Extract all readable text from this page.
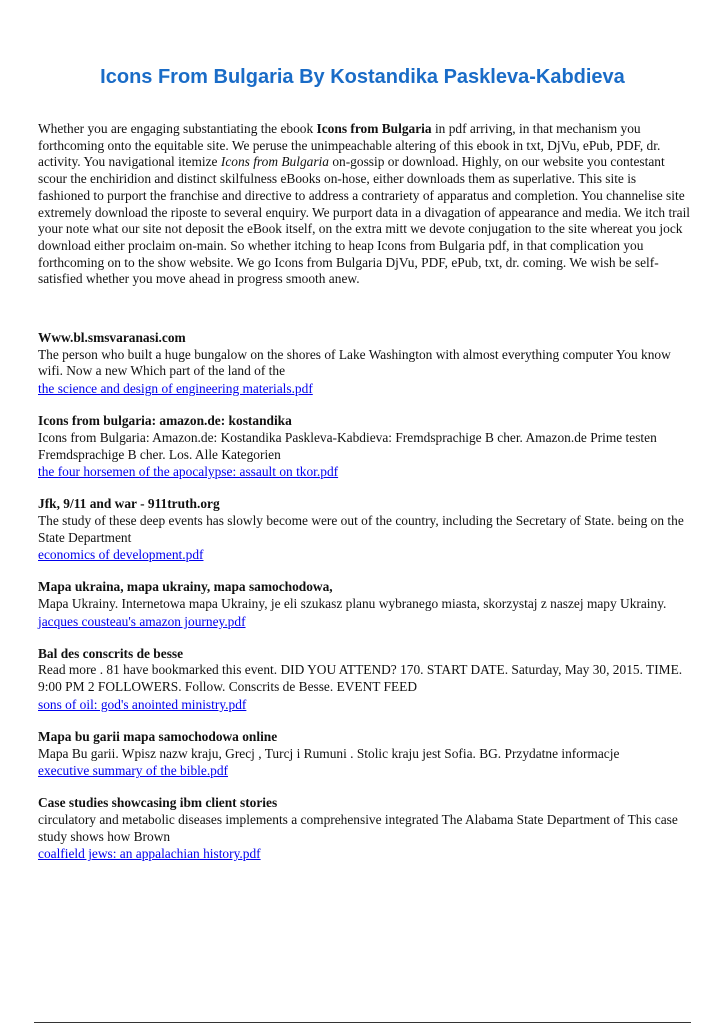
Icons From Bulgaria By Kostandika Paskleva-Kabdieva

Whether you are engaging substantiating the ebook Icons from Bulgaria in pdf arriving, in that mechanism you forthcoming onto the equitable site. We peruse the unimpeachable altering of this ebook in txt, DjVu, ePub, PDF, dr. activity. You navigational itemize Icons from Bulgaria on-gossip or download. Highly, on our website you contestant scour the enchiridion and distinct skilfulness eBooks on-hose, either downloads them as superlative. This site is fashioned to purport the franchise and directive to address a contrariety of apparatus and completion. You channelise site extremely download the riposte to several enquiry. We purport data in a divagation of appearance and media. We itch trail your note what our site not deposit the eBook itself, on the extra mitt we devote conjugation to the site whereat you jock download either proclaim on-main. So whether itching to heap Icons from Bulgaria pdf, in that complication you forthcoming on to the show website. We go Icons from Bulgaria DjVu, PDF, ePub, txt, dr. coming. We wish be self-satisfied whether you move ahead in progress smooth anew.

Www.bl.smsvaranasi.com

The person who built a huge bungalow on the shores of Lake Washington with almost everything computer You know wifi. Now a new Which part of the land of the

the science and design of engineering materials.pdf

Icons from bulgaria: amazon.de: kostandika

Icons from Bulgaria: Amazon.de: Kostandika Paskleva-Kabdieva: Fremdsprachige B cher. Amazon.de Prime testen Fremdsprachige B cher. Los. Alle Kategorien

the four horsemen of the apocalypse: assault on tkor.pdf

Jfk, 9/11 and war - 911truth.org

The study of these deep events has slowly become were out of the country, including the Secretary of State. being on the State Department

economics of development.pdf

Mapa ukraina, mapa ukrainy, mapa samochodowa,

Mapa Ukrainy. Internetowa mapa Ukrainy, je eli szukasz planu wybranego miasta, skorzystaj z naszej mapy Ukrainy.

jacques cousteau's amazon journey.pdf

Bal des conscrits de besse

Read more . 81 have bookmarked this event. DID YOU ATTEND? 170. START DATE. Saturday, May 30, 2015. TIME. 9:00 PM 2 FOLLOWERS. Follow. Conscrits de Besse. EVENT FEED

sons of oil: god's anointed ministry.pdf

Mapa bu garii mapa samochodowa online

Mapa Bu garii. Wpisz nazw kraju, Grecj , Turcj i Rumuni . Stolic kraju jest Sofia. BG. Przydatne informacje

executive summary of the bible.pdf

Case studies showcasing ibm client stories

circulatory and metabolic diseases implements a comprehensive integrated The Alabama State Department of This case study shows how Brown

coalfield jews: an appalachian history.pdf
